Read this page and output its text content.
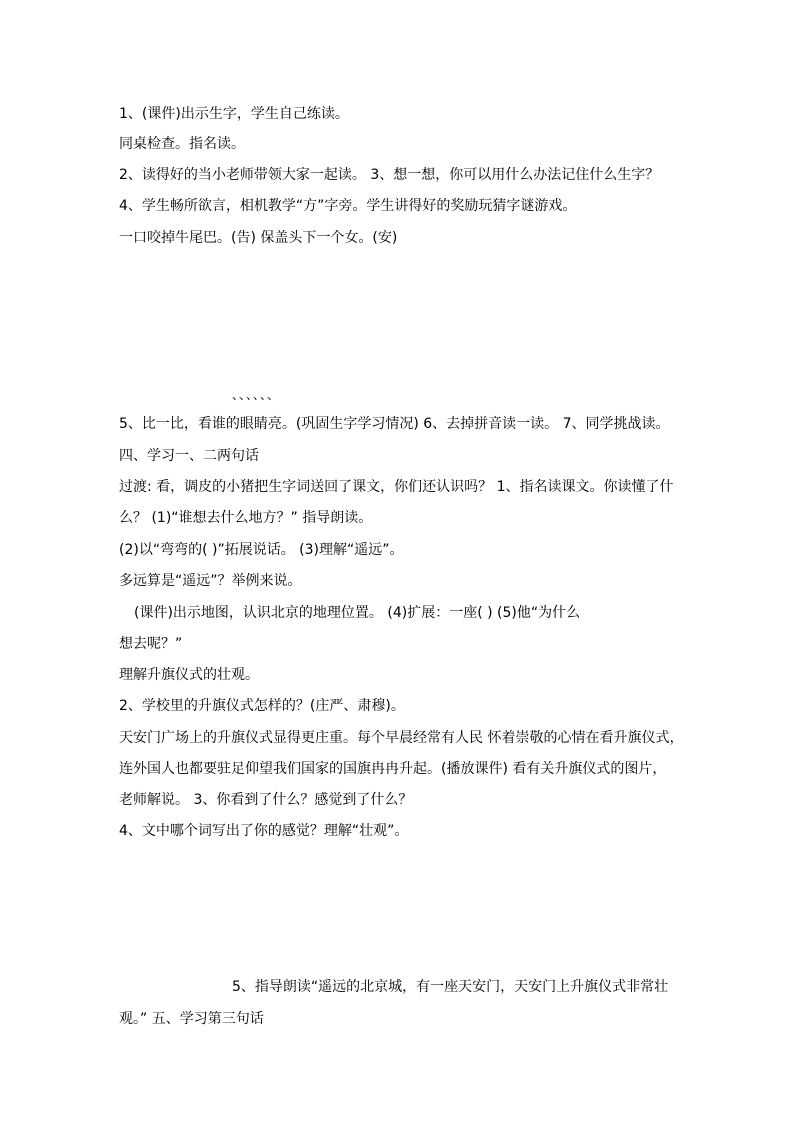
1、(课件)出示生字，学生自己练读。
同桌检查。指名读。
2、读得好的当小老师带领大家一起读。 3、想一想，你可以用什么办法记住什么生字？
4、学生畅所欲言，相机教学“方”字旁。学生讲得好的奖励玩猜字谜游戏。
一口咬掉牛尾巴。(告) 保盖头下一个女。(安)
、、、、、、
5、比一比，看谁的眼睛亮。(巩固生字学习情况) 6、去掉拼音读一读。 7、同学挑战读。
四、学习一、二两句话
过渡: 看，调皮的小猪把生字词送回了课文，你们还认识吗？ 1、指名读课文。你读懂了什
么？ (1)“谁想去什么地方？” 指导朗读。
(2)以“弯弯的( )”拓展说话。 (3)理解“遥远”。
多远算是“遥远”？举例来说。
(课件)出示地图，认识北京的地理位置。 (4)扩展：一座( ) (5)他“为什么
想去呢？”
理解升旗仪式的壮观。
2、学校里的升旗仪式怎样的？(庄严、肃穆)。
天安门广场上的升旗仪式显得更庄重。每个早晨经常有人民 怀着崇敬的心情在看升旗仪式，
连外国人也都要驻足仰望我们国家的国旗冉冉升起。(播放课件) 看有关升旗仪式的图片，
老师解说。 3、你看到了什么？感觉到了什么？
4、文中哪个词写出了你的感觉？理解“壮观”。
5、指导朗读“遥远的北京城，有一座天安门，天安门上升旗仪式非常壮
观。” 五、学习第三句话
